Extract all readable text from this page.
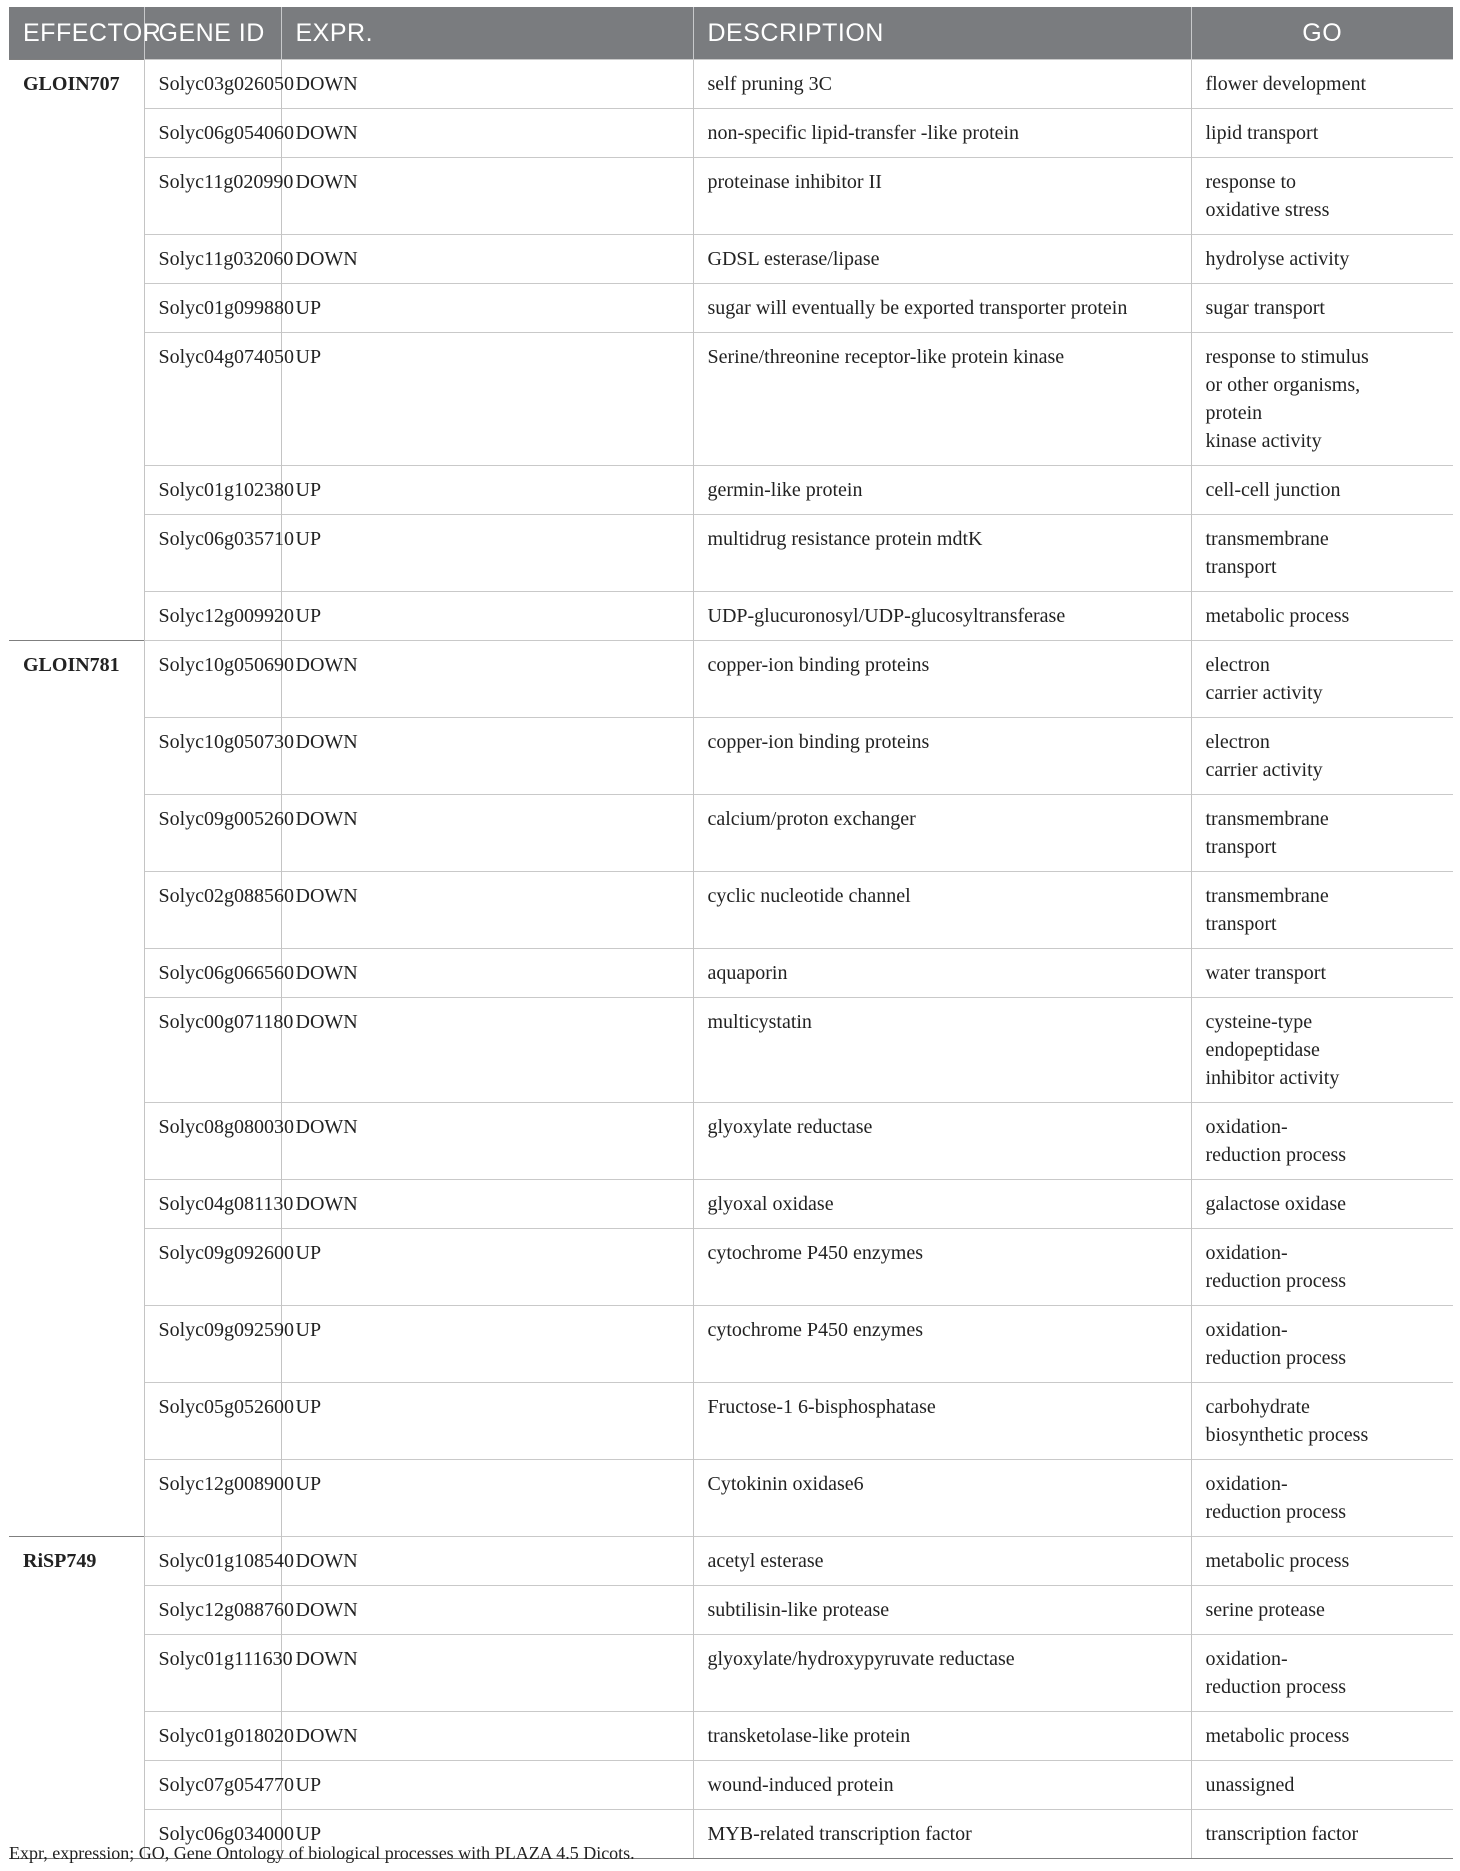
EFFECTOR	GENE ID	EXPR.	DESCRIPTION	GO
GLOIN707	Solyc03g026050	DOWN	self pruning 3C	flower development
	Solyc06g054060	DOWN	non-specific lipid-transfer -like protein	lipid transport
	Solyc11g020990	DOWN	proteinase inhibitor II	response to
oxidative stress
	Solyc11g032060	DOWN	GDSL esterase/lipase	hydrolyse activity
	Solyc01g099880	UP	sugar will eventually be exported transporter protein	sugar transport
	Solyc04g074050	UP	Serine/threonine receptor-like protein kinase	response to stimulus
or other organisms,
protein
kinase activity
	Solyc01g102380	UP	germin-like protein	cell-cell junction
	Solyc06g035710	UP	multidrug resistance protein mdtK	transmembrane
transport
	Solyc12g009920	UP	UDP-glucuronosyl/UDP-glucosyltransferase	metabolic process
GLOIN781	Solyc10g050690	DOWN	copper-ion binding proteins	electron
carrier activity
	Solyc10g050730	DOWN	copper-ion binding proteins	electron
carrier activity
	Solyc09g005260	DOWN	calcium/proton exchanger	transmembrane
transport
	Solyc02g088560	DOWN	cyclic nucleotide channel	transmembrane
transport
	Solyc06g066560	DOWN	aquaporin	water transport
	Solyc00g071180	DOWN	multicystatin	cysteine-type
endopeptidase
inhibitor activity
	Solyc08g080030	DOWN	glyoxylate reductase	oxidation-
reduction process
	Solyc04g081130	DOWN	glyoxal oxidase	galactose oxidase
	Solyc09g092600	UP	cytochrome P450 enzymes	oxidation-
reduction process
	Solyc09g092590	UP	cytochrome P450 enzymes	oxidation-
reduction process
	Solyc05g052600	UP	Fructose-1 6-bisphosphatase	carbohydrate
biosynthetic process
	Solyc12g008900	UP	Cytokinin oxidase6	oxidation-
reduction process
RiSP749	Solyc01g108540	DOWN	acetyl esterase	metabolic process
	Solyc12g088760	DOWN	subtilisin-like protease	serine protease
	Solyc01g111630	DOWN	glyoxylate/hydroxypyruvate reductase	oxidation-
reduction process
	Solyc01g018020	DOWN	transketolase-like protein	metabolic process
	Solyc07g054770	UP	wound-induced protein	unassigned
	Solyc06g034000	UP	MYB-related transcription factor	transcription factor
Expr, expression; GO, Gene Ontology of biological processes with PLAZA 4.5 Dicots.
